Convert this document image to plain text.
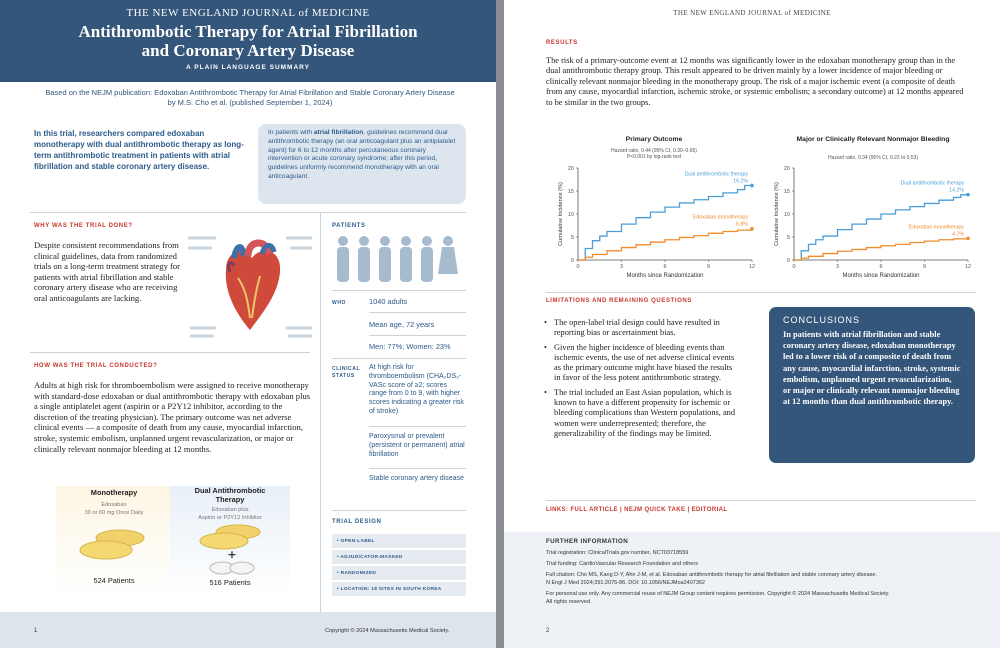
THE NEW ENGLAND JOURNAL of MEDICINE
Antithrombotic Therapy for Atrial Fibrillation
and Coronary Artery Disease
A PLAIN LANGUAGE SUMMARY
Based on the NEJM publication: Edoxaban Antithrombotic Therapy for Atrial Fibrillation and Stable Coronary Artery Disease
by M.S. Cho et al. (published September 1, 2024)
In this trial, researchers compared edoxaban monotherapy with dual antithrombotic therapy as long-term antithrombotic treatment in patients with atrial fibrillation and stable coronary artery disease.
In patients with atrial fibrillation, guidelines recommend dual antithrombotic therapy (an oral anticoagulant plus an antiplatelet agent) for 6 to 12 months after percutaneous coronary intervention or acute coronary syndrome; after this period, guidelines uniformly recommend monotherapy with an oral anticoagulant.
WHY WAS THE TRIAL DONE?
Despite consistent recommendations from clinical guidelines, data from randomized trials on a long-term treatment strategy for patients with atrial fibrillation and stable coronary artery disease who are receiving oral anticoagulants are lacking.
PATIENTS
WHO	1040 adults
Mean age, 72 years
Men: 77%; Women: 23%
CLINICAL STATUS
At high risk for thromboembolism (CHA₂DS₂-VASc score of ≥2; scores range from 0 to 9, with higher scores indicating a greater risk of stroke)
Paroxysmal or prevalent (persistent or permanent) atrial fibrillation
Stable coronary artery disease
TRIAL DESIGN
• OPEN-LABEL
• ADJUDICATOR-MASKED
• RANDOMIZED
• LOCATION: 18 SITES IN SOUTH KOREA
HOW WAS THE TRIAL CONDUCTED?
Adults at high risk for thromboembolism were assigned to receive monotherapy with standard-dose edoxaban or dual antithrombotic therapy with edoxaban plus a single antiplatelet agent (aspirin or a P2Y12 inhibitor, according to the discretion of the treating physician). The primary outcome was net adverse clinical events — a composite of death from any cause, myocardial infarction, stroke, systemic embolism, unplanned urgent revascularization, or major or clinically relevant nonmajor bleeding at 12 months.
Monotherapy
Edoxaban
30 or 60 mg Once Daily
524 Patients
Dual Antithrombotic
Therapy
Edoxaban plus
Aspirin or P2Y12 Inhibitor
+
516 Patients
1	Copyright © 2024 Massachusetts Medical Society.
THE NEW ENGLAND JOURNAL of MEDICINE
RESULTS
The risk of a primary-outcome event at 12 months was significantly lower in the edoxaban monotherapy group than in the dual antithrombotic therapy group. This result appeared to be driven mainly by a lower incidence of major bleeding or clinically relevant nonmajor bleeding in the monotherapy group. The risk of a major ischemic event (a composite of death from any cause, myocardial infarction, ischemic stroke, or systemic embolism; a secondary outcome) at 12 months appeared to be similar in the two groups.
Primary Outcome
Hazard ratio, 0.44 (95% CI, 0.30–0.65)
P<0.001 by log-rank test
0
5
10
15
20
0	3	6	9	12
Months since Randomization
Cumulative Incidence (%)
Dual antithrombotic therapy
16.2%
Edoxaban monotherapy
6.8%
Major or Clinically Relevant Nonmajor Bleeding
Hazard ratio, 0.34 (95% CI, 0.22 to 0.53)
0
5
10
15
20
0	3	6	9	12
Months since Randomization
Cumulative Incidence (%)	Dual antithrombotic therapy
14.2%
Edoxaban monotherapy
4.7%
LIMITATIONS AND REMAINING QUESTIONS
• The open-label trial design could have resulted in reporting bias or ascertainment bias.
• Given the higher incidence of bleeding events than ischemic events, the use of net adverse clinical events as the primary outcome might have biased the results in favor of the less potent antithrombotic strategy.
• The trial included an East Asian population, which is known to have a different propensity for ischemic or bleeding complications than Western populations, and women were underrepresented; therefore, the generalizability of the findings may be limited.
CONCLUSIONS
In patients with atrial fibrillation and stable coronary artery disease, edoxaban monotherapy led to a lower risk of a composite of death from any cause, myocardial infarction, stroke, systemic embolism, unplanned urgent revascularization, or major or clinically relevant nonmajor bleeding at 12 months than dual antithrombotic therapy.
LINKS: FULL ARTICLE | NEJM QUICK TAKE | EDITORIAL
FURTHER INFORMATION
Trial registration: ClinicalTrials.gov number, NCT03718559
Trial funding: CardioVascular Research Foundation and others
Full citation: Cho MS, Kang D-Y, Ahn J-M, et al. Edoxaban antithrombotic therapy for atrial fibrillation and stable coronary artery disease.
N Engl J Med 2024;391:2075-86. DOI: 10.1056/NEJMoa2407362
For personal use only. Any commercial reuse of NEJM Group content requires permission. Copyright © 2024 Massachusetts Medical Society.
All rights reserved.
2
